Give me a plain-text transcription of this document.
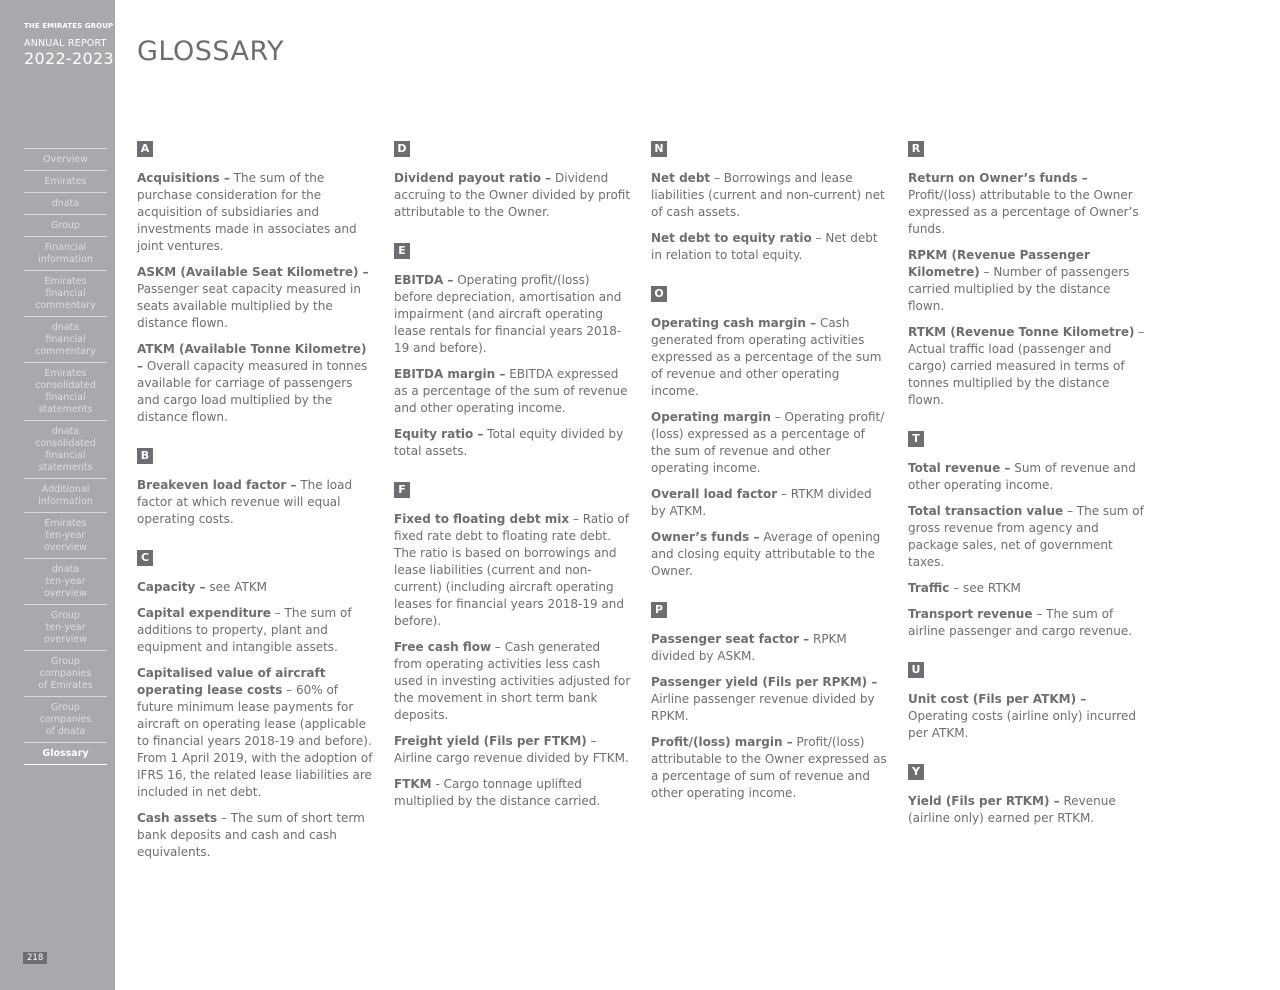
THE EMIRATES GROUP
ANNUAL REPORT
2022-2023
Overview
Emirates
dnata
Group
Financial
information
Emirates
financial
commentary
dnata
financial
commentary
Emirates
consolidated
financial
statements
dnata
consolidated
financial
statements
Additional
information
Emirates
ten-year
overview
dnata
ten-year
overview
Group
ten-year
overview
Group
companies
of Emirates
Group
companies
of dnata
Glossary
218
GLOSSARY
A

Acquisitions – The sum of the purchase consideration for the acquisition of subsidiaries and investments made in associates and joint ventures.

ASKM (Available Seat Kilometre) – Passenger seat capacity measured in seats available multiplied by the distance flown.

ATKM (Available Tonne Kilometre) – Overall capacity measured in tonnes available for carriage of passengers and cargo load multiplied by the distance flown.

B

Breakeven load factor – The load factor at which revenue will equal operating costs.

C

Capacity – see ATKM

Capital expenditure – The sum of additions to property, plant and equipment and intangible assets.

Capitalised value of aircraft operating lease costs – 60% of future minimum lease payments for aircraft on operating lease (applicable to financial years 2018-19 and before). From 1 April 2019, with the adoption of IFRS 16, the related lease liabilities are included in net debt.

Cash assets – The sum of short term bank deposits and cash and cash equivalents.

D

Dividend payout ratio – Dividend accruing to the Owner divided by profit attributable to the Owner.

E

EBITDA – Operating profit/(loss) before depreciation, amortisation and impairment (and aircraft operating lease rentals for financial years 2018-19 and before).

EBITDA margin – EBITDA expressed as a percentage of the sum of revenue and other operating income.

Equity ratio – Total equity divided by total assets.

F

Fixed to floating debt mix – Ratio of fixed rate debt to floating rate debt. The ratio is based on borrowings and lease liabilities (current and non-current) (including aircraft operating leases for financial years 2018-19 and before).

Free cash flow – Cash generated from operating activities less cash used in investing activities adjusted for the movement in short term bank deposits.

Freight yield (Fils per FTKM) – Airline cargo revenue divided by FTKM.

FTKM - Cargo tonnage uplifted multiplied by the distance carried.

N

Net debt – Borrowings and lease liabilities (current and non-current) net of cash assets.

Net debt to equity ratio – Net debt in relation to total equity.

O

Operating cash margin – Cash generated from operating activities expressed as a percentage of the sum of revenue and other operating income.

Operating margin – Operating profit/ (loss) expressed as a percentage of the sum of revenue and other operating income.

Overall load factor – RTKM divided by ATKM.

Owner’s funds – Average of opening and closing equity attributable to the Owner.

P

Passenger seat factor – RPKM divided by ASKM.

Passenger yield (Fils per RPKM) – Airline passenger revenue divided by RPKM.

Profit/(loss) margin – Profit/(loss) attributable to the Owner expressed as a percentage of sum of revenue and other operating income.

R

Return on Owner’s funds – Profit/(loss) attributable to the Owner expressed as a percentage of Owner’s funds.

RPKM (Revenue Passenger Kilometre) – Number of passengers carried multiplied by the distance flown.

RTKM (Revenue Tonne Kilometre) – Actual traffic load (passenger and cargo) carried measured in terms of tonnes multiplied by the distance flown.

T

Total revenue – Sum of revenue and other operating income.

Total transaction value – The sum of gross revenue from agency and package sales, net of government taxes.

Traffic – see RTKM

Transport revenue – The sum of airline passenger and cargo revenue.

U

Unit cost (Fils per ATKM) – Operating costs (airline only) incurred per ATKM.

Y

Yield (Fils per RTKM) – Revenue (airline only) earned per RTKM.
